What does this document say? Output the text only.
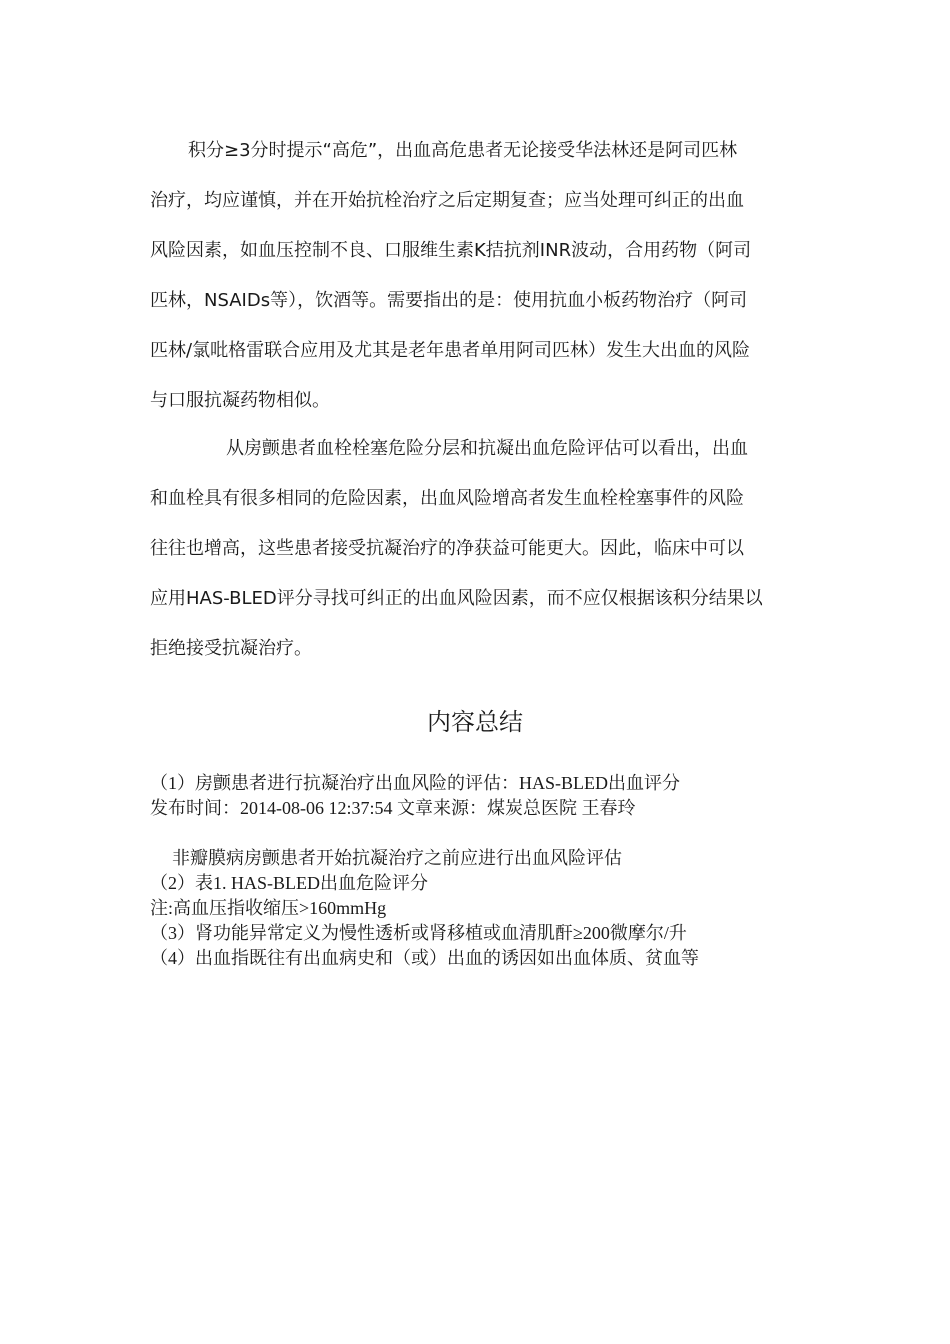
积分≥3分时提示“高危”，出血高危患者无论接受华法林还是阿司匹林
治疗，均应谨慎，并在开始抗栓治疗之后定期复查；应当处理可纠正的出血
风险因素，如血压控制不良、口服维生素K拮抗剂INR波动，合用药物（阿司
匹林，NSAIDs等），饮酒等。需要指出的是：使用抗血小板药物治疗（阿司
匹林/氯吡格雷联合应用及尤其是老年患者单用阿司匹林）发生大出血的风险
与口服抗凝药物相似。
从房颤患者血栓栓塞危险分层和抗凝出血危险评估可以看出，出血
和血栓具有很多相同的危险因素，出血风险增高者发生血栓栓塞事件的风险
往往也增高，这些患者接受抗凝治疗的净获益可能更大。因此，临床中可以
应用HAS-BLED评分寻找可纠正的出血风险因素，而不应仅根据该积分结果以
拒绝接受抗凝治疗。
内容总结
（1）房颤患者进行抗凝治疗出血风险的评估：HAS-BLED出血评分
发布时间：2014-08-06 12:37:54 文章来源：煤炭总医院 王春玲
非瓣膜病房颤患者开始抗凝治疗之前应进行出血风险评估
（2）表1. HAS-BLED出血危险评分
注:高血压指收缩压>160mmHg
（3）肾功能异常定义为慢性透析或肾移植或血清肌酐≥200微摩尔/升
（4）出血指既往有出血病史和（或）出血的诱因如出血体质、贫血等
